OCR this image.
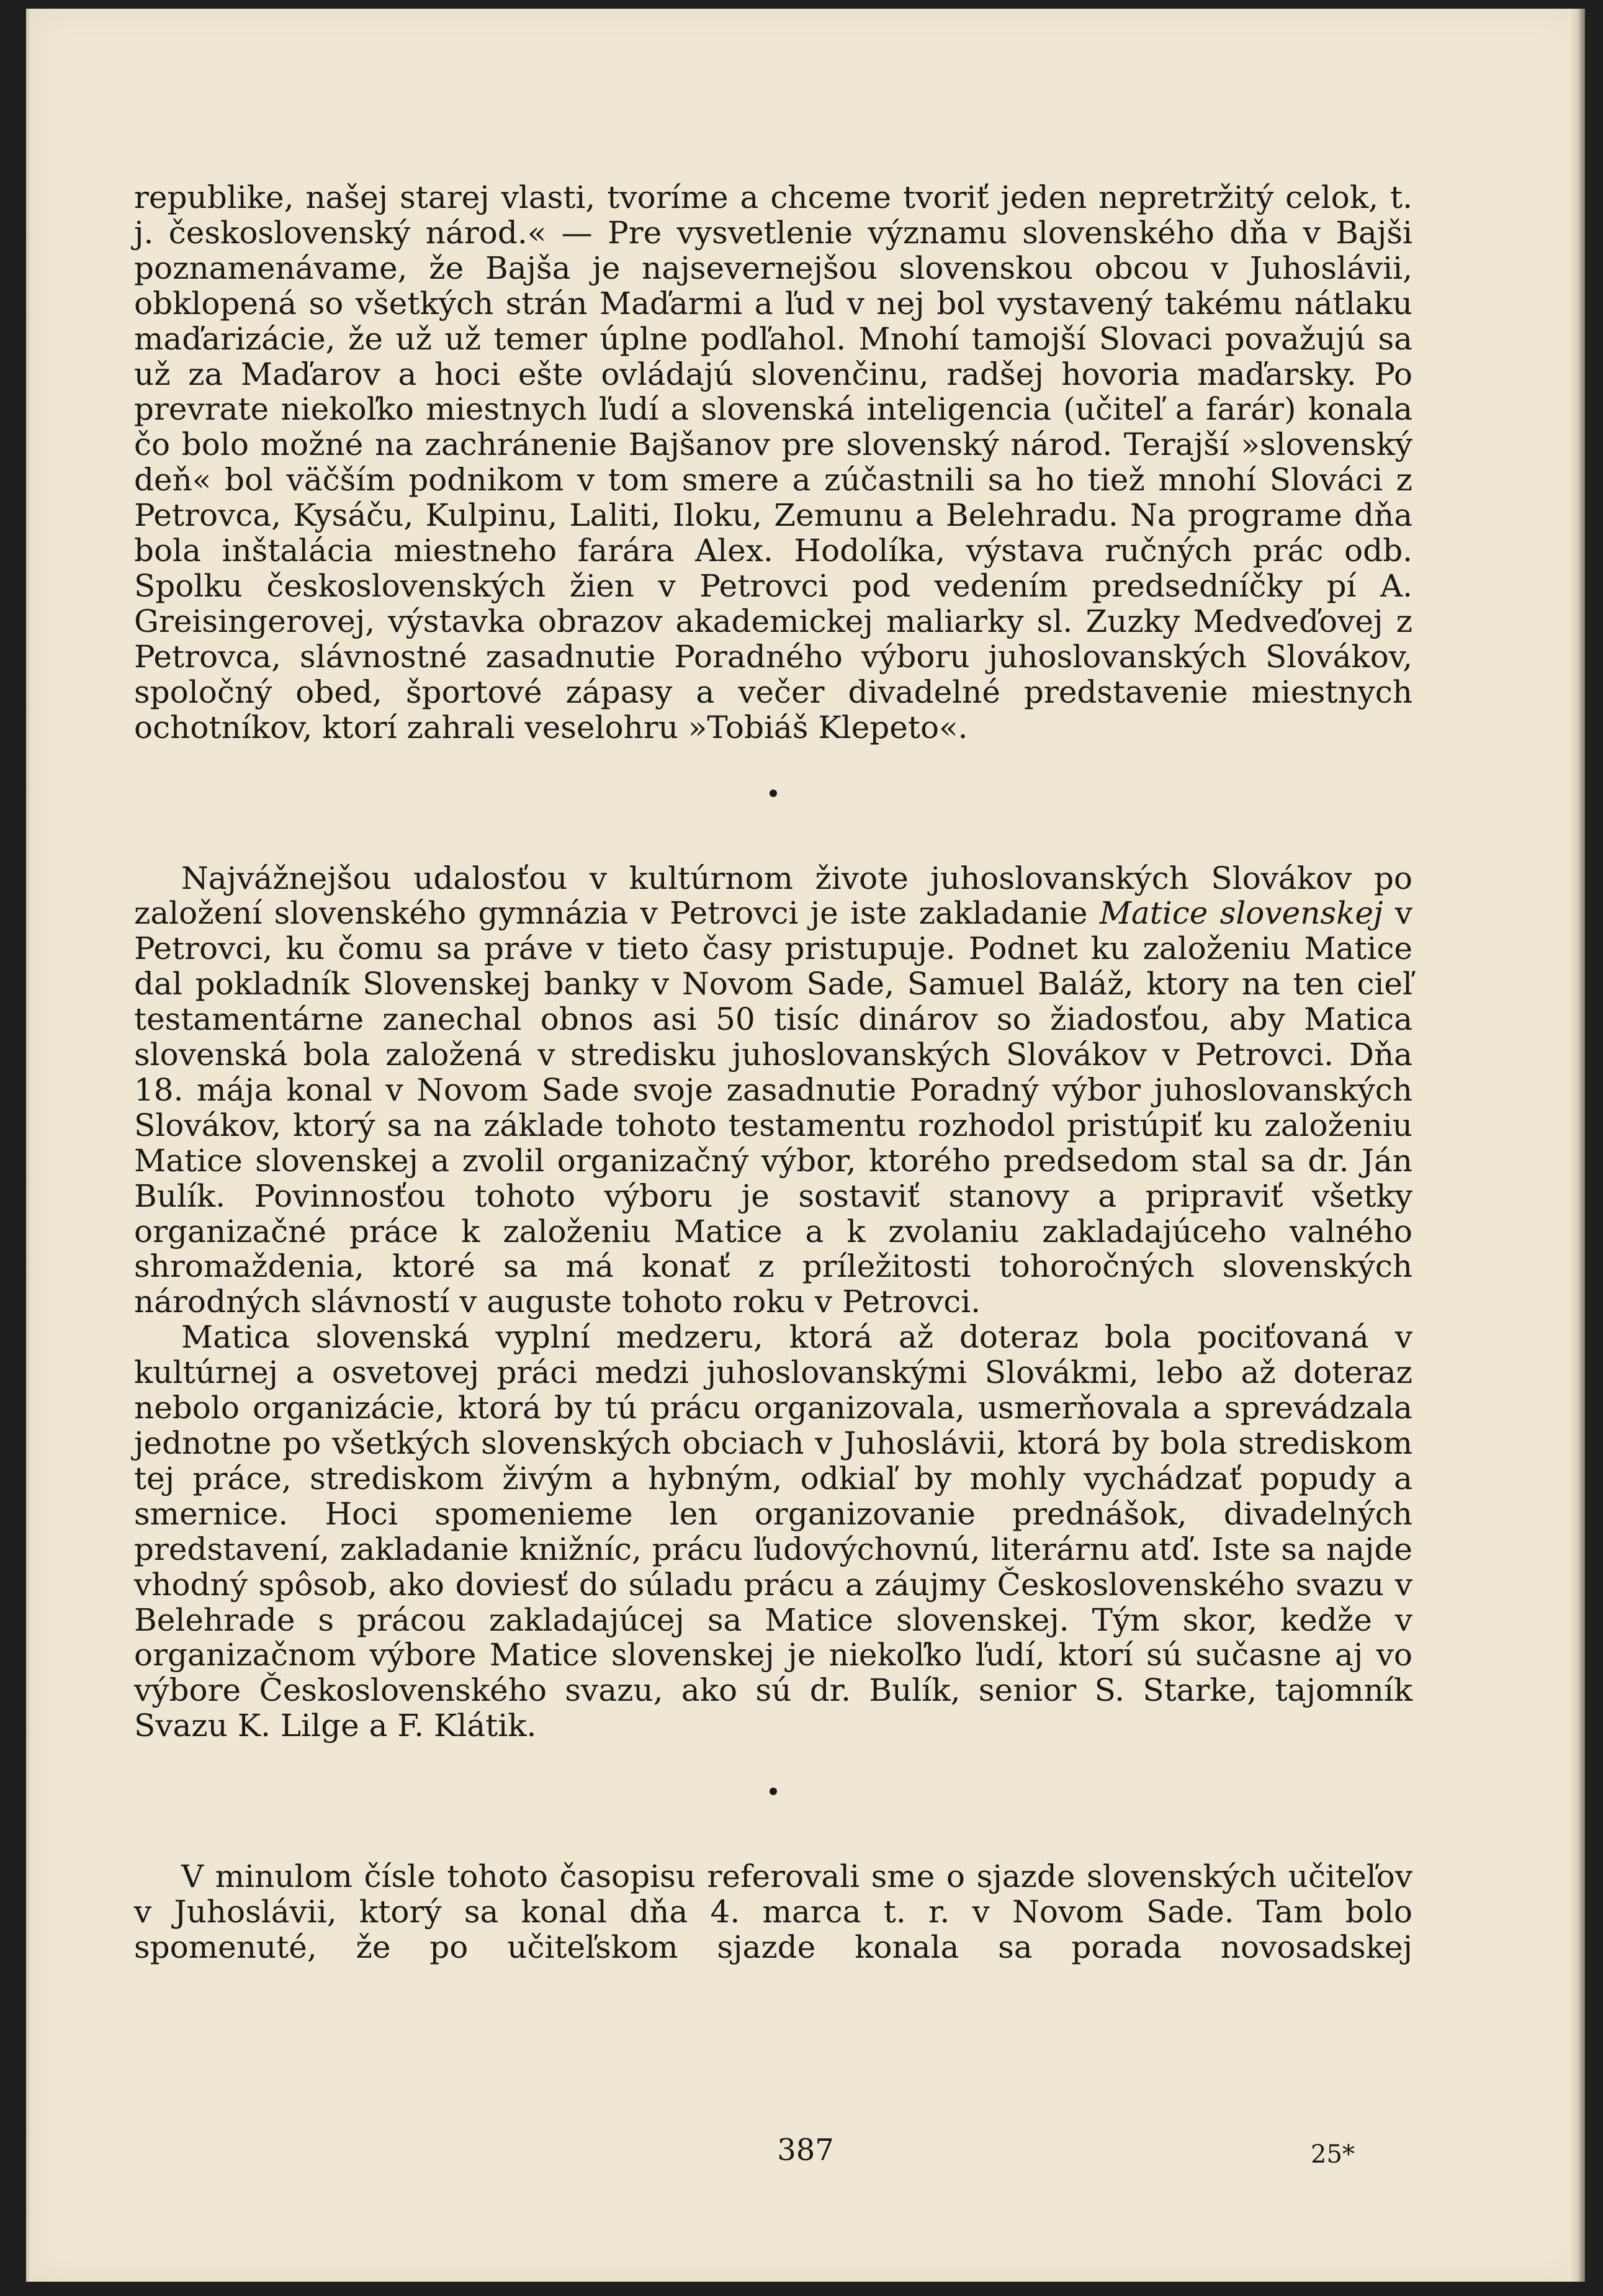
republike, našej starej vlasti, tvoríme a chceme tvoriť jeden nepretržitý celok, t. j. československý národ.« — Pre vysvetlenie významu slovenského dňa v Bajši poznamenávame, že Bajša je najsevernejšou slovenskou obcou v Juhoslávii, obklopená so všetkých strán Maďarmi a ľud v nej bol vystavený takému nátlaku maďarizácie, že už už temer úplne podľahol. Mnohí tamojší Slovaci považujú sa už za Maďarov a hoci ešte ovládajú slovenčinu, radšej hovoria maďarsky. Po prevrate niekoľko miestnych ľudí a slovenská inteligencia (učiteľ a farár) konala čo bolo možné na zachránenie Bajšanov pre slovenský národ. Terajší »slovenský deň« bol väčším podnikom v tom smere a zúčastnili sa ho tiež mnohí Slováci z Petrovca, Kysáču, Kulpinu, Laliti, Iloku, Zemunu a Belehradu. Na programe dňa bola inštalácia miestneho farára Alex. Hodolíka, výstava ručných prác odb. Spolku československých žien v Petrovci pod vedením predsedníčky pí A. Greisingerovej, výstavka obrazov akademickej maliarky sl. Zuzky Medveďovej z Petrovca, slávnostné zasadnutie Poradného výboru juhoslovanských Slovákov, spoločný obed, športové zápasy a večer divadelné predstavenie miestnych ochotníkov, ktorí zahrali veselohru »Tobiáš Klepeto«.

Najvážnejšou udalosťou v kultúrnom živote juhoslovanských Slovákov po založení slovenského gymnázia v Petrovci je iste zakladanie Matice slovenskej v Petrovci, ku čomu sa práve v tieto časy pristupuje. Podnet ku založeniu Matice dal pokladník Slovenskej banky v Novom Sade, Samuel Baláž, ktory na ten cieľ testamentárne zanechal obnos asi 50 tisíc dinárov so žiadosťou, aby Matica slovenská bola založená v stredisku juhoslovanských Slovákov v Petrovci. Dňa 18. mája konal v Novom Sade svoje zasadnutie Poradný výbor juhoslovanských Slovákov, ktorý sa na základe tohoto testamentu rozhodol pristúpiť ku založeniu Matice slovenskej a zvolil organizačný výbor, ktorého predsedom stal sa dr. Ján Bulík. Povinnosťou tohoto výboru je sostaviť stanovy a pripraviť všetky organizačné práce k založeniu Matice a k zvolaniu zakladajúceho valného shromaždenia, ktoré sa má konať z príležitosti tohoročných slovenských národných slávností v auguste tohoto roku v Petrovci.

Matica slovenská vyplní medzeru, ktorá až doteraz bola pociťovaná v kultúrnej a osvetovej práci medzi juhoslovanskými Slovákmi, lebo až doteraz nebolo organizácie, ktorá by tú prácu organizovala, usmerňovala a sprevádzala jednotne po všetkých slovenských obciach v Juhoslávii, ktorá by bola strediskom tej práce, strediskom živým a hybným, odkiaľ by mohly vychádzať popudy a smernice. Hoci spomenieme len organizovanie prednášok, divadelných predstavení, zakladanie knižníc, prácu ľudovýchovnú, literárnu atď. Iste sa najde vhodný spôsob, ako doviesť do súladu prácu a záujmy Československého svazu v Belehrade s prácou zakladajúcej sa Matice slovenskej. Tým skor, kedže v organizačnom výbore Matice slovenskej je niekoľko ľudí, ktorí sú sučasne aj vo výbore Československého svazu, ako sú dr. Bulík, senior S. Starke, tajomník Svazu K. Lilge a F. Klátik.

V minulom čísle tohoto časopisu referovali sme o sjazde slovenských učiteľov v Juhoslávii, ktorý sa konal dňa 4. marca t. r. v Novom Sade. Tam bolo spomenuté, že po učiteľskom sjazde konala sa porada novosadskej

387	25*
